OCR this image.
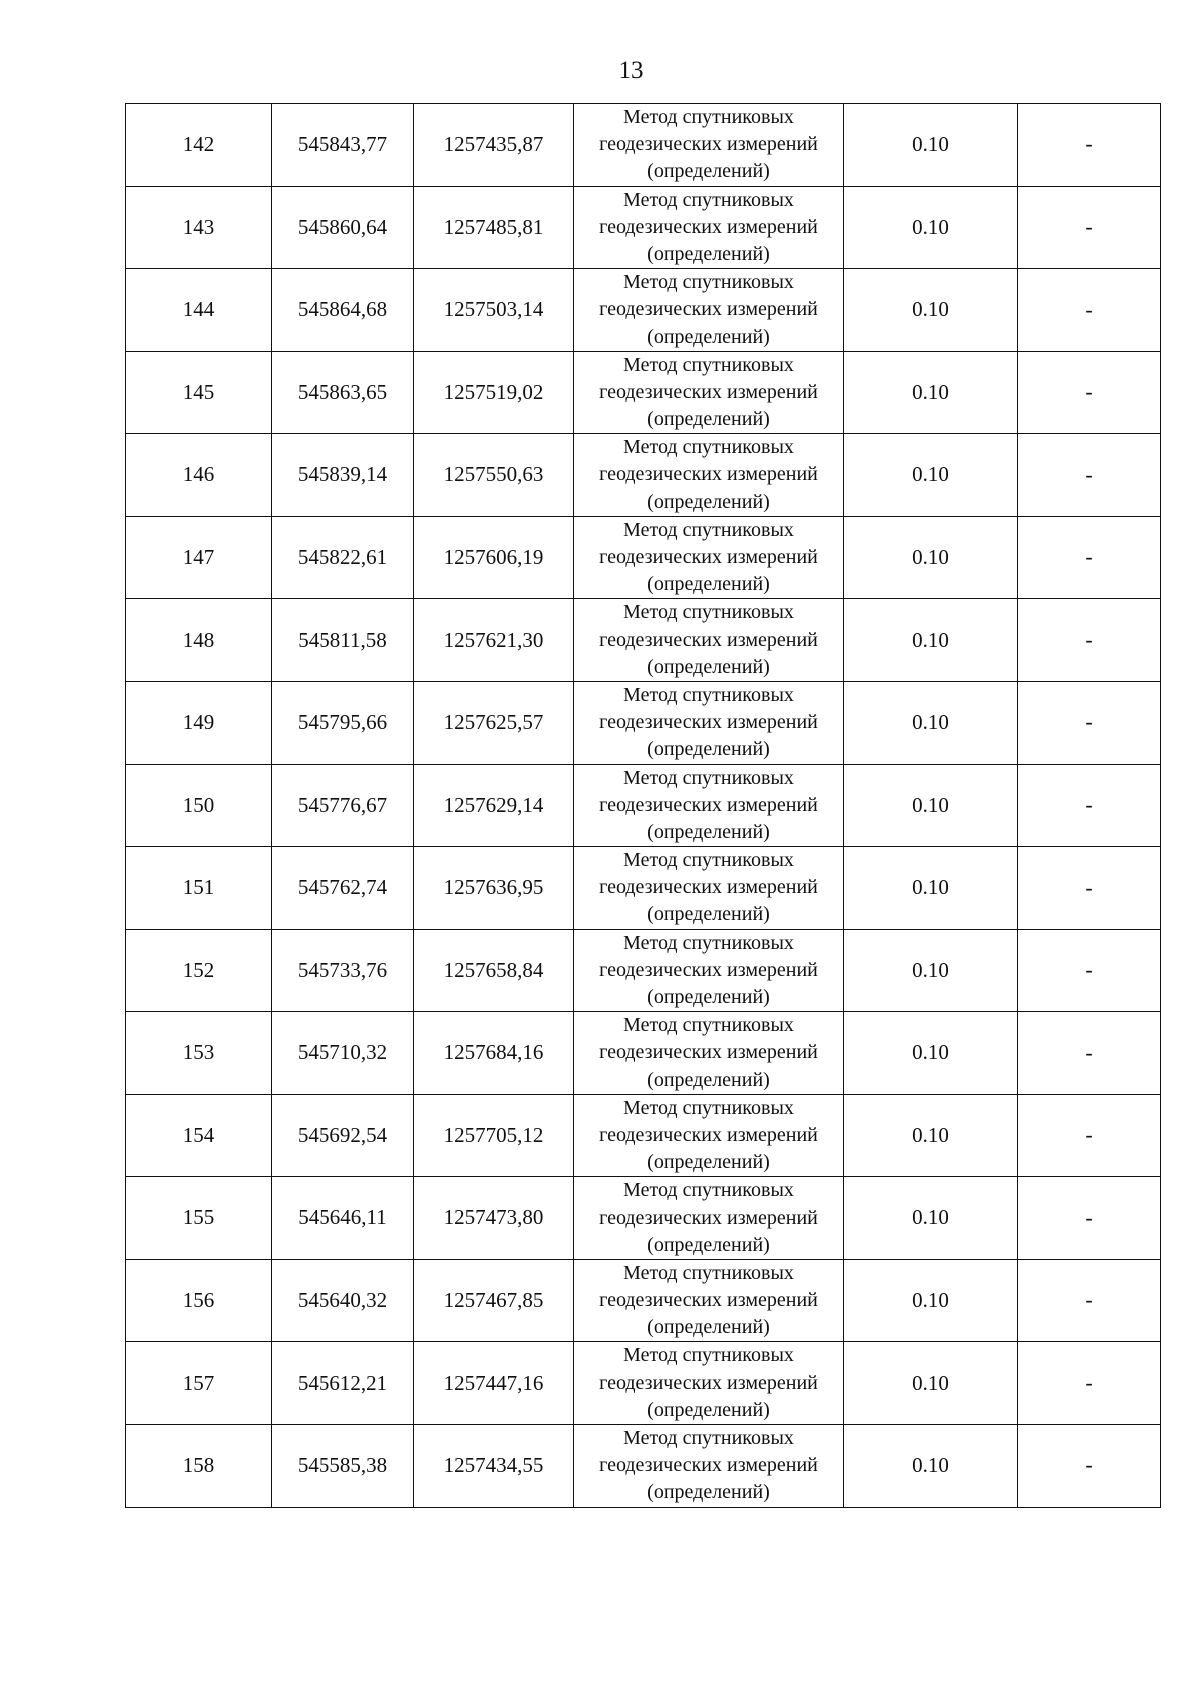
13
142	545843,77	1257435,87	Метод спутниковых
геодезических измерений
(определений)	0.10	-
143	545860,64	1257485,81	Метод спутниковых
геодезических измерений
(определений)	0.10	-
144	545864,68	1257503,14	Метод спутниковых
геодезических измерений
(определений)	0.10	-
145	545863,65	1257519,02	Метод спутниковых
геодезических измерений
(определений)	0.10	-
146	545839,14	1257550,63	Метод спутниковых
геодезических измерений
(определений)	0.10	-
147	545822,61	1257606,19	Метод спутниковых
геодезических измерений
(определений)	0.10	-
148	545811,58	1257621,30	Метод спутниковых
геодезических измерений
(определений)	0.10	-
149	545795,66	1257625,57	Метод спутниковых
геодезических измерений
(определений)	0.10	-
150	545776,67	1257629,14	Метод спутниковых
геодезических измерений
(определений)	0.10	-
151	545762,74	1257636,95	Метод спутниковых
геодезических измерений
(определений)	0.10	-
152	545733,76	1257658,84	Метод спутниковых
геодезических измерений
(определений)	0.10	-
153	545710,32	1257684,16	Метод спутниковых
геодезических измерений
(определений)	0.10	-
154	545692,54	1257705,12	Метод спутниковых
геодезических измерений
(определений)	0.10	-
155	545646,11	1257473,80	Метод спутниковых
геодезических измерений
(определений)	0.10	-
156	545640,32	1257467,85	Метод спутниковых
геодезических измерений
(определений)	0.10	-
157	545612,21	1257447,16	Метод спутниковых
геодезических измерений
(определений)	0.10	-
158	545585,38	1257434,55	Метод спутниковых
геодезических измерений
(определений)	0.10	-
